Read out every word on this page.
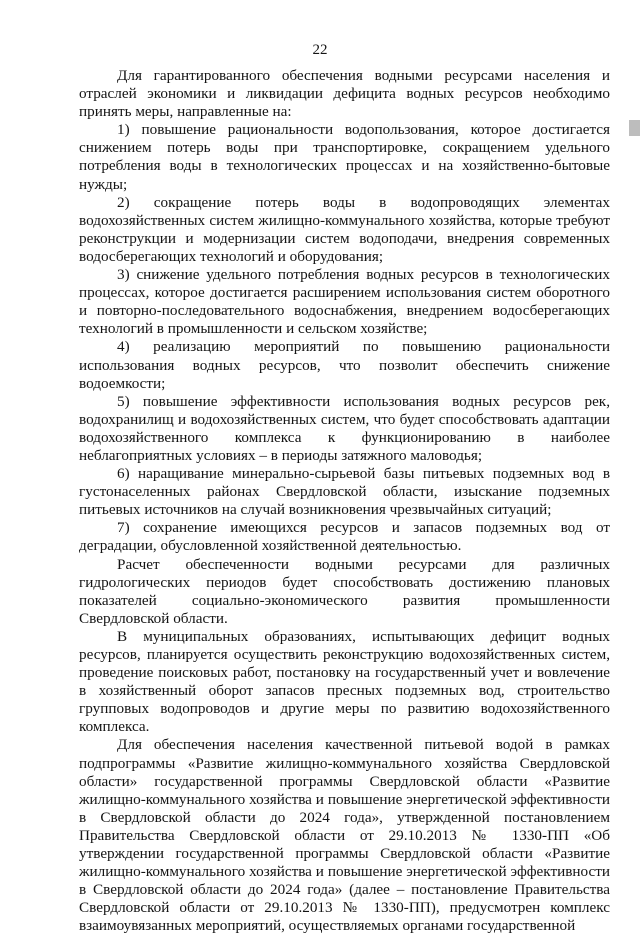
22

Для гарантированного обеспечения водными ресурсами населения и отраслей экономики и ликвидации дефицита водных ресурсов необходимо принять меры, направленные на:

1) повышение рациональности водопользования, которое достигается снижением потерь воды при транспортировке, сокращением удельного потребления воды в технологических процессах и на хозяйственно-бытовые нужды;

2) сокращение потерь воды в водопроводящих элементах водохозяйственных систем жилищно-коммунального хозяйства, которые требуют реконструкции и модернизации систем водоподачи, внедрения современных водосберегающих технологий и оборудования;

3) снижение удельного потребления водных ресурсов в технологических процессах, которое достигается расширением использования систем оборотного и повторно-последовательного водоснабжения, внедрением водосберегающих технологий в промышленности и сельском хозяйстве;

4) реализацию мероприятий по повышению рациональности использования водных ресурсов, что позволит обеспечить снижение водоемкости;

5) повышение эффективности использования водных ресурсов рек, водохранилищ и водохозяйственных систем, что будет способствовать адаптации водохозяйственного комплекса к функционированию в наиболее неблагоприятных условиях – в периоды затяжного маловодья;

6) наращивание минерально-сырьевой базы питьевых подземных вод в густонаселенных районах Свердловской области, изыскание подземных питьевых источников на случай возникновения чрезвычайных ситуаций;

7) сохранение имеющихся ресурсов и запасов подземных вод от деградации, обусловленной хозяйственной деятельностью.

Расчет обеспеченности водными ресурсами для различных гидрологических периодов будет способствовать достижению плановых показателей социально-экономического развития промышленности Свердловской области.

В муниципальных образованиях, испытывающих дефицит водных ресурсов, планируется осуществить реконструкцию водохозяйственных систем, проведение поисковых работ, постановку на государственный учет и вовлечение в хозяйственный оборот запасов пресных подземных вод, строительство групповых водопроводов и другие меры по развитию водохозяйственного комплекса.

Для обеспечения населения качественной питьевой водой в рамках подпрограммы «Развитие жилищно-коммунального хозяйства Свердловской области» государственной программы Свердловской области «Развитие жилищно-коммунального хозяйства и повышение энергетической эффективности в Свердловской области до 2024 года», утвержденной постановлением Правительства Свердловской области от 29.10.2013 № 1330-ПП «Об утверждении государственной программы Свердловской области «Развитие жилищно-коммунального хозяйства и повышение энергетической эффективности в Свердловской области до 2024 года» (далее – постановление Правительства Свердловской области от 29.10.2013 № 1330-ПП), предусмотрен комплекс взаимоувязанных мероприятий, осуществляемых органами государственной
